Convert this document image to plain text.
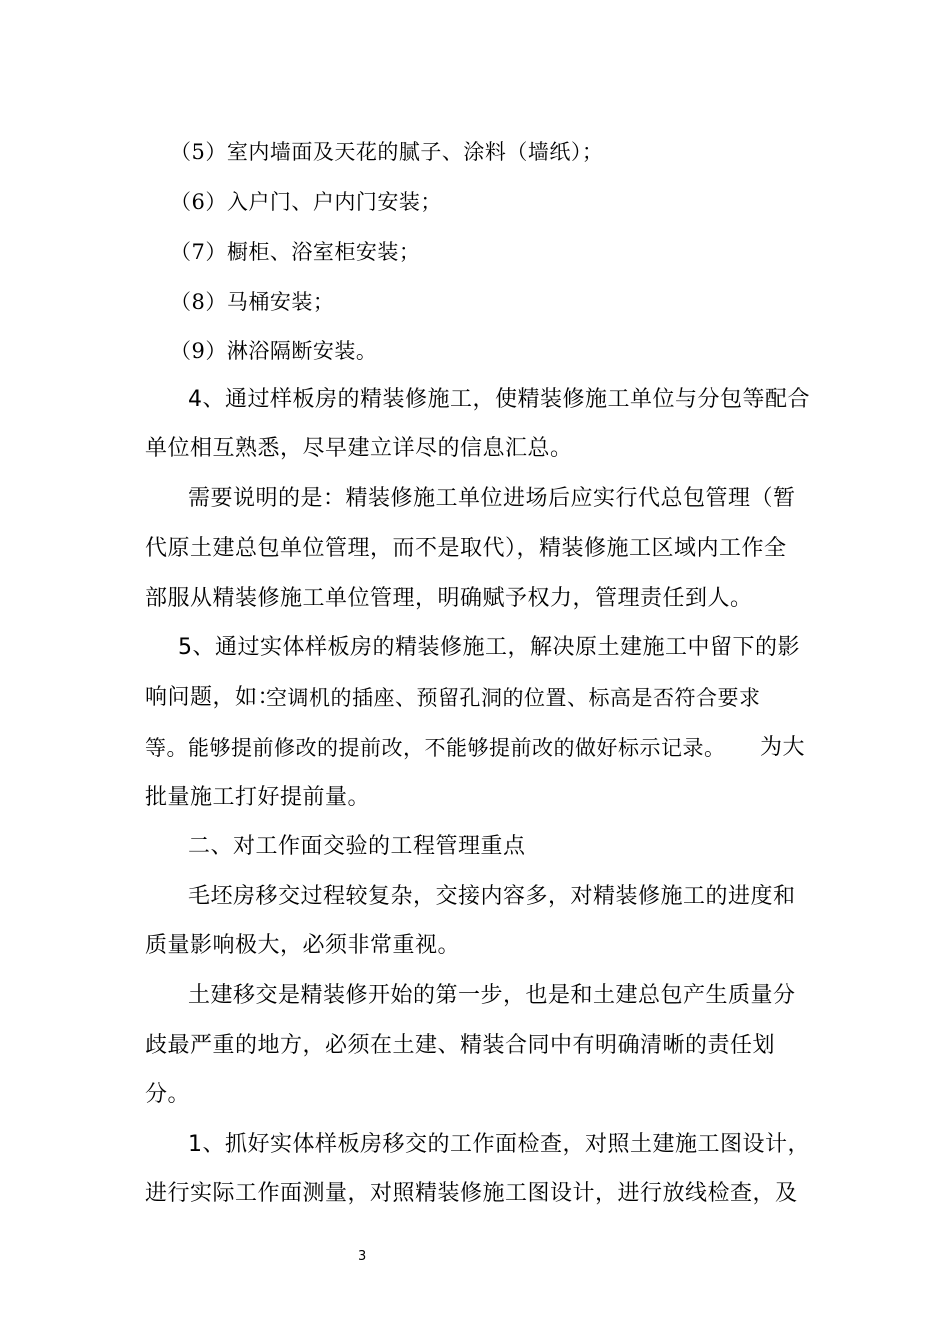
（5）室内墙面及天花的腻子、涂料（墙纸）；
（6）入户门、户内门安装；
（7）橱柜、浴室柜安装；
（8）马桶安装；
（9）淋浴隔断安装。
4、通过样板房的精装修施工，使精装修施工单位与分包等配合
单位相互熟悉，尽早建立详尽的信息汇总。
需要说明的是：精装修施工单位进场后应实行代总包管理（暂
代原土建总包单位管理，而不是取代），精装修施工区域内工作全
部服从精装修施工单位管理，明确赋予权力，管理责任到人。
5、通过实体样板房的精装修施工，解决原土建施工中留下的影
响问题，如：
空调机的插座、预留孔洞的位置、标高是否符合要求
等。能够提前修改的提前改，不能够提前改的做好标示记录。 为大
批量施工打好提前量。
二、对工作面交验的工程管理重点
毛坯房移交过程较复杂，交接内容多，对精装修施工的进度和
质量影响极大，必须非常重视。
土建移交是精装修开始的第一步，也是和土建总包产生质量分
歧最严重的地方，必须在土建、精装合同中有明确清晰的责任划
分。
1、抓好实体样板房移交的工作面检查，对照土建施工图设计，
进行实际工作面测量，对照精装修施工图设计，进行放线检查，及
3
